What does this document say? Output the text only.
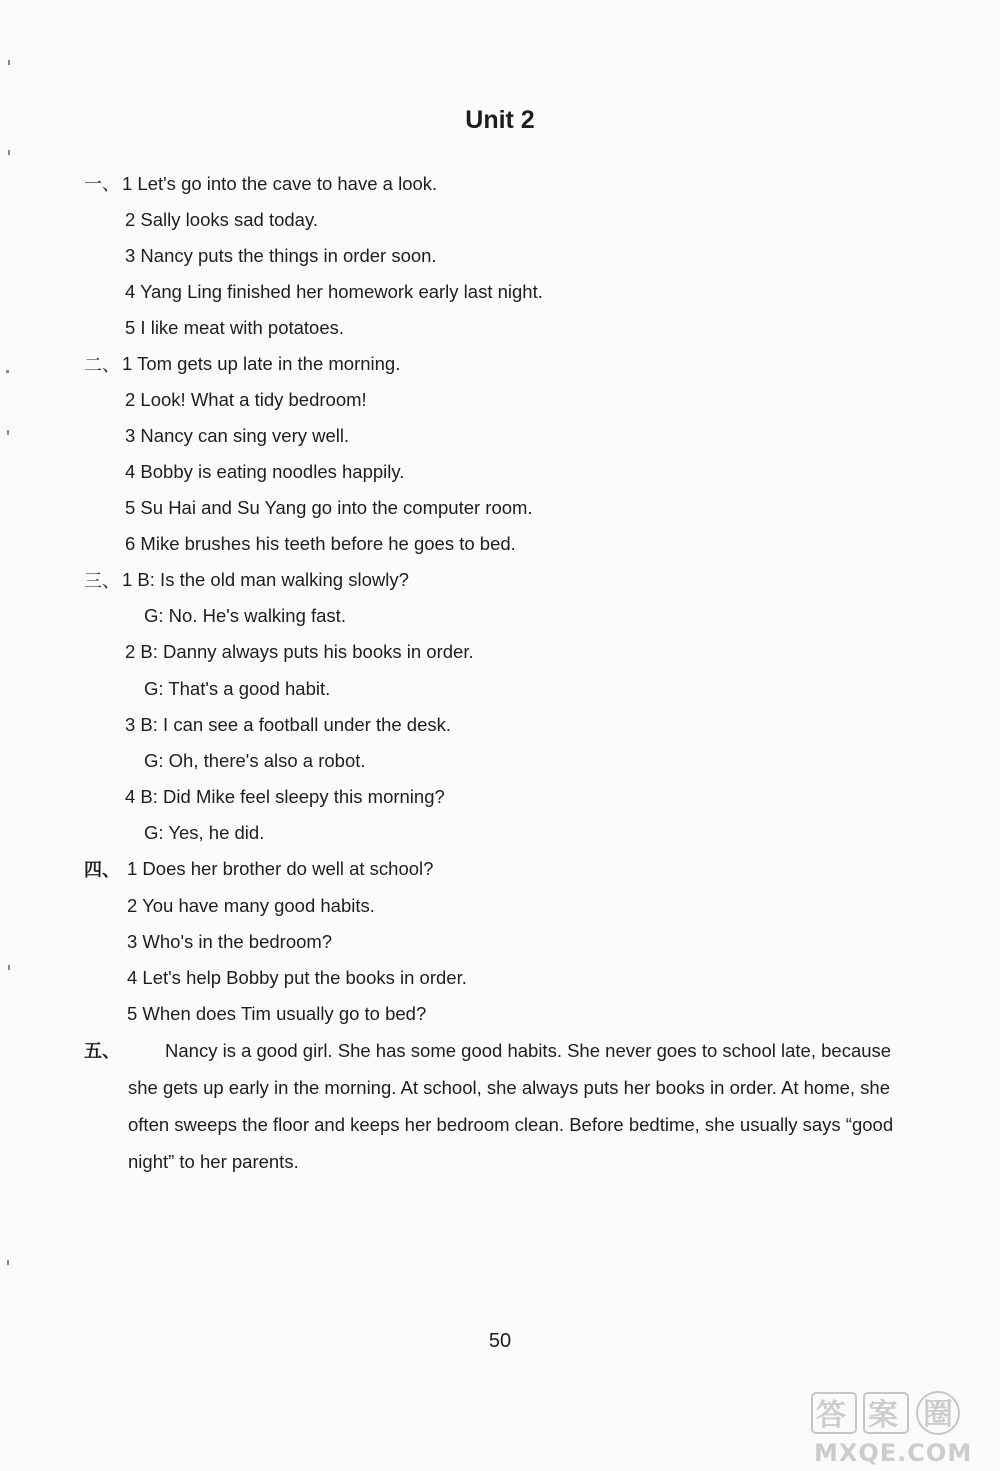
Unit 2
一、 1 Let's go into the cave to have a look.
2 Sally looks sad today.
3 Nancy puts the things in order soon.
4 Yang Ling finished her homework early last night.
5 I like meat with potatoes.
二、 1 Tom gets up late in the morning.
2 Look! What a tidy bedroom!
3 Nancy can sing very well.
4 Bobby is eating noodles happily.
5 Su Hai and Su Yang go into the computer room.
6 Mike brushes his teeth before he goes to bed.
三、 1 B: Is the old man walking slowly?
G: No. He's walking fast.
2 B: Danny always puts his books in order.
G: That's a good habit.
3 B: I can see a football under the desk.
G: Oh, there's also a robot.
4 B: Did Mike feel sleepy this morning?
G: Yes, he did.
四、 1 Does her brother do well at school?
2 You have many good habits.
3 Who's in the bedroom?
4 Let's help Bobby put the books in order.
5 When does Tim usually go to bed?
五、	Nancy is a good girl. She has some good habits. She never goes to school late, because she gets up early in the morning. At school, she always puts her books in order. At home, she often sweeps the floor and keeps her bedroom clean. Before bedtime, she usually says “good night” to her parents.
50
答 案 圈
MXQE.COM
